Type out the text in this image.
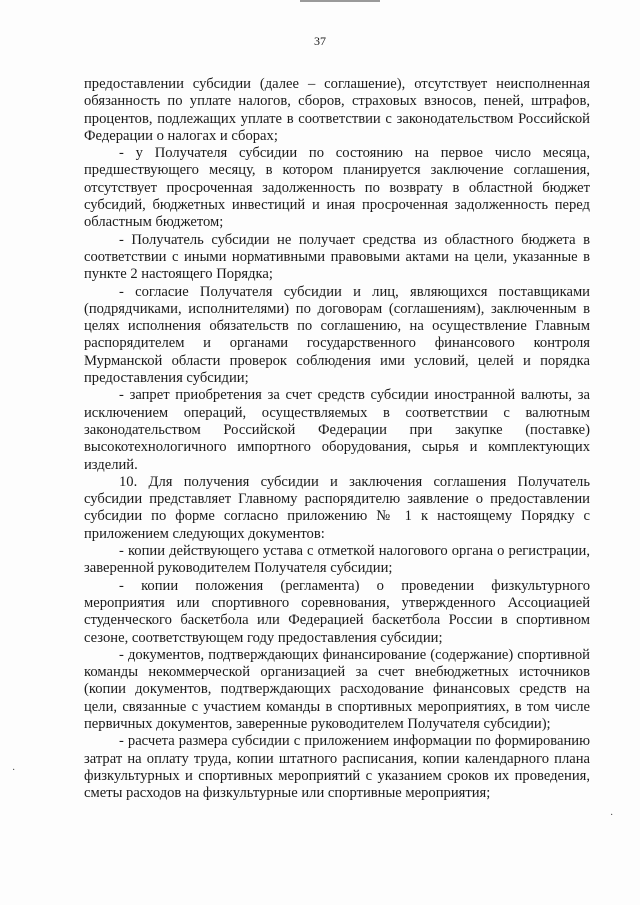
37

предоставлении субсидии (далее – соглашение), отсутствует неисполненная обязанность по уплате налогов, сборов, страховых взносов, пеней, штрафов, процентов, подлежащих уплате в соответствии с законодательством Российской Федерации о налогах и сборах;

- у Получателя субсидии по состоянию на первое число месяца, предшествующего месяцу, в котором планируется заключение соглашения, отсутствует просроченная задолженность по возврату в областной бюджет субсидий, бюджетных инвестиций и иная просроченная задолженность перед областным бюджетом;

- Получатель субсидии не получает средства из областного бюджета в соответствии с иными нормативными правовыми актами на цели, указанные в пункте 2 настоящего Порядка;

- согласие Получателя субсидии и лиц, являющихся поставщиками (подрядчиками, исполнителями) по договорам (соглашениям), заключенным в целях исполнения обязательств по соглашению, на осуществление Главным распорядителем и органами государственного финансового контроля Мурманской области проверок соблюдения ими условий, целей и порядка предоставления субсидии;

- запрет приобретения за счет средств субсидии иностранной валюты, за исключением операций, осуществляемых в соответствии с валютным законодательством Российской Федерации при закупке (поставке) высокотехнологичного импортного оборудования, сырья и комплектующих изделий.

10. Для получения субсидии и заключения соглашения Получатель субсидии представляет Главному распорядителю заявление о предоставлении субсидии по форме согласно приложению № 1 к настоящему Порядку с приложением следующих документов:

- копии действующего устава с отметкой налогового органа о регистрации, заверенной руководителем Получателя субсидии;

- копии положения (регламента) о проведении физкультурного мероприятия или спортивного соревнования, утвержденного Ассоциацией студенческого баскетбола или Федерацией баскетбола России в спортивном сезоне, соответствующем году предоставления субсидии;

- документов, подтверждающих финансирование (содержание) спортивной команды некоммерческой организацией за счет внебюджетных источников (копии документов, подтверждающих расходование финансовых средств на цели, связанные с участием команды в спортивных мероприятиях, в том числе первичных документов, заверенные руководителем Получателя субсидии);

- расчета размера субсидии с приложением информации по формированию затрат на оплату труда, копии штатного расписания, копии календарного плана физкультурных и спортивных мероприятий с указанием сроков их проведения, сметы расходов на физкультурные или спортивные мероприятия;

·
·
